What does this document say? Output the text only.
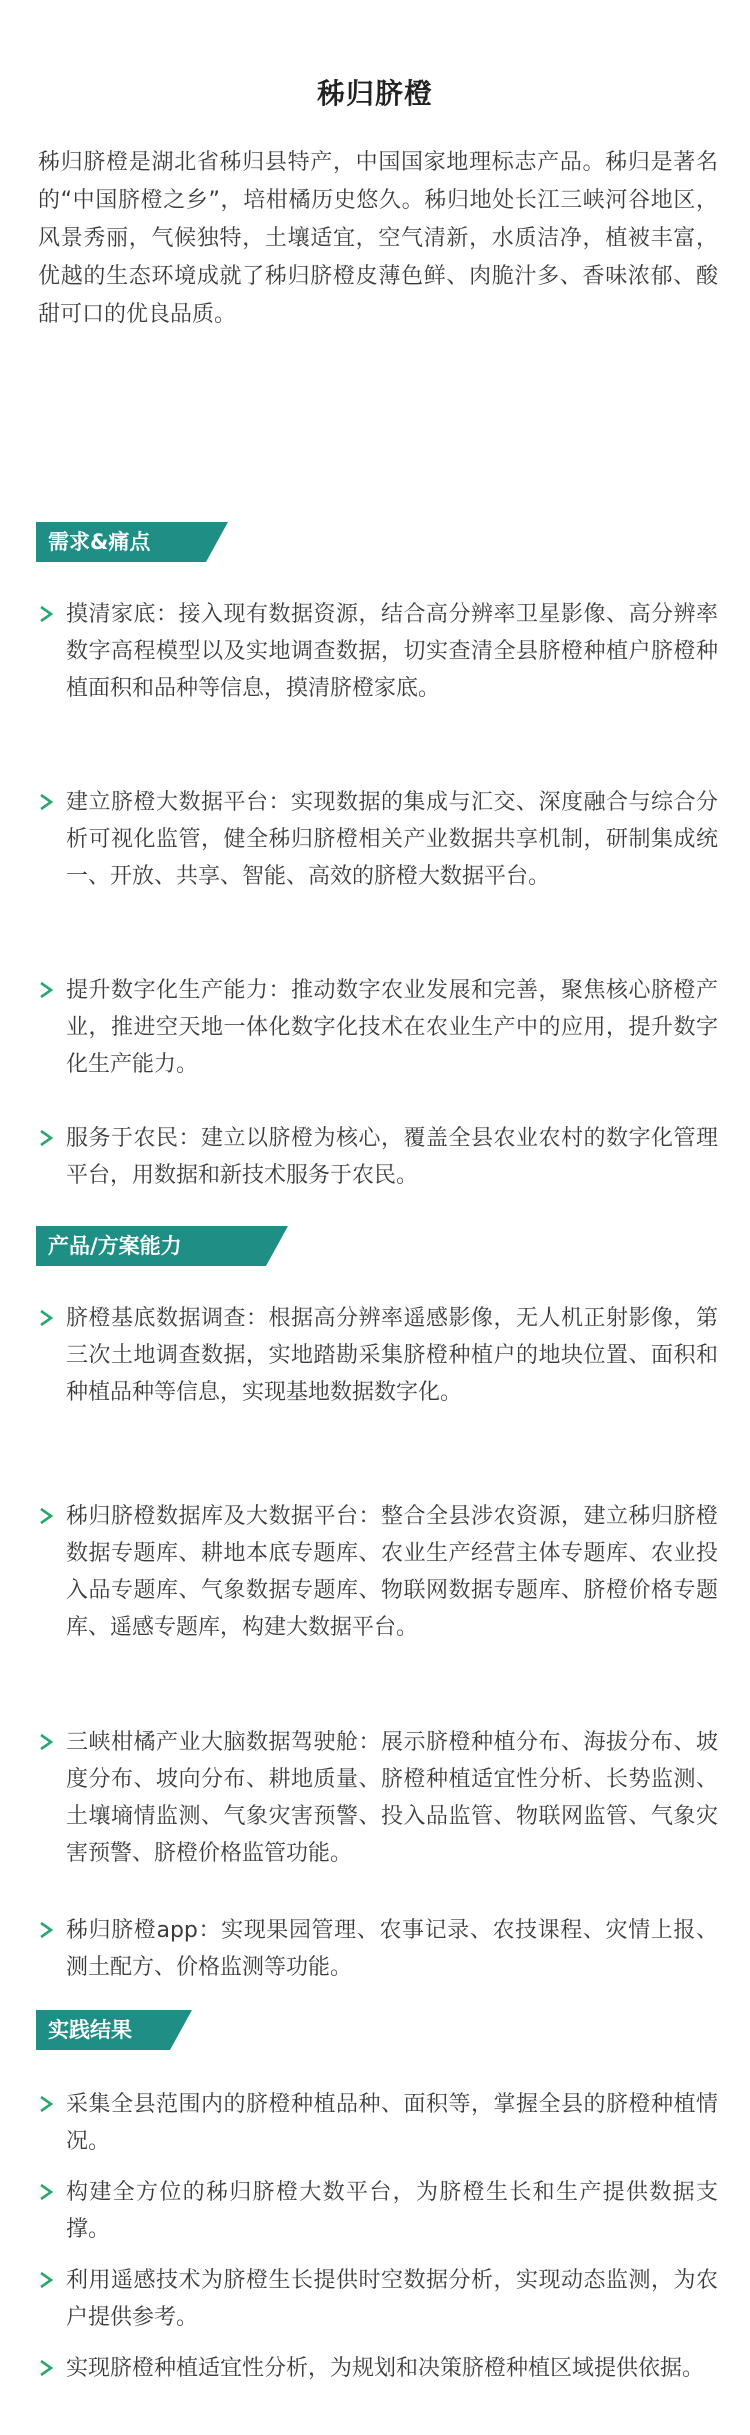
秭归脐橙
秭归脐橙是湖北省秭归县特产，中国国家地理标志产品。秭归是著名的“中国脐橙之乡”，培柑橘历史悠久。秭归地处长江三峡河谷地区，风景秀丽，气候独特，土壤适宜，空气清新，水质洁净，植被丰富，优越的生态环境成就了秭归脐橙皮薄色鲜、肉脆汁多、香味浓郁、酸甜可口的优良品质。
需求&痛点
摸清家底：接入现有数据资源，结合高分辨率卫星影像、高分辨率数字高程模型以及实地调查数据，切实查清全县脐橙种植户脐橙种植面积和品种等信息，摸清脐橙家底。
建立脐橙大数据平台：实现数据的集成与汇交、深度融合与综合分析可视化监管，健全秭归脐橙相关产业数据共享机制，研制集成统一、开放、共享、智能、高效的脐橙大数据平台。
提升数字化生产能力：推动数字农业发展和完善，聚焦核心脐橙产业，推进空天地一体化数字化技术在农业生产中的应用，提升数字化生产能力。
服务于农民：建立以脐橙为核心，覆盖全县农业农村的数字化管理平台，用数据和新技术服务于农民。
产品/方案能力
脐橙基底数据调查：根据高分辨率遥感影像，无人机正射影像，第三次土地调查数据，实地踏勘采集脐橙种植户的地块位置、面积和种植品种等信息，实现基地数据数字化。
秭归脐橙数据库及大数据平台：整合全县涉农资源，建立秭归脐橙数据专题库、耕地本底专题库、农业生产经营主体专题库、农业投入品专题库、气象数据专题库、物联网数据专题库、脐橙价格专题库、遥感专题库，构建大数据平台。
三峡柑橘产业大脑数据驾驶舱：展示脐橙种植分布、海拔分布、坡度分布、坡向分布、耕地质量、脐橙种植适宜性分析、长势监测、土壤墒情监测、气象灾害预警、投入品监管、物联网监管、气象灾害预警、脐橙价格监管功能。
秭归脐橙app：实现果园管理、农事记录、农技课程、灾情上报、测土配方、价格监测等功能。
实践结果
采集全县范围内的脐橙种植品种、面积等，掌握全县的脐橙种植情况。
构建全方位的秭归脐橙大数平台，为脐橙生长和生产提供数据支撑。
利用遥感技术为脐橙生长提供时空数据分析，实现动态监测，为农户提供参考。
实现脐橙种植适宜性分析，为规划和决策脐橙种植区域提供依据。
